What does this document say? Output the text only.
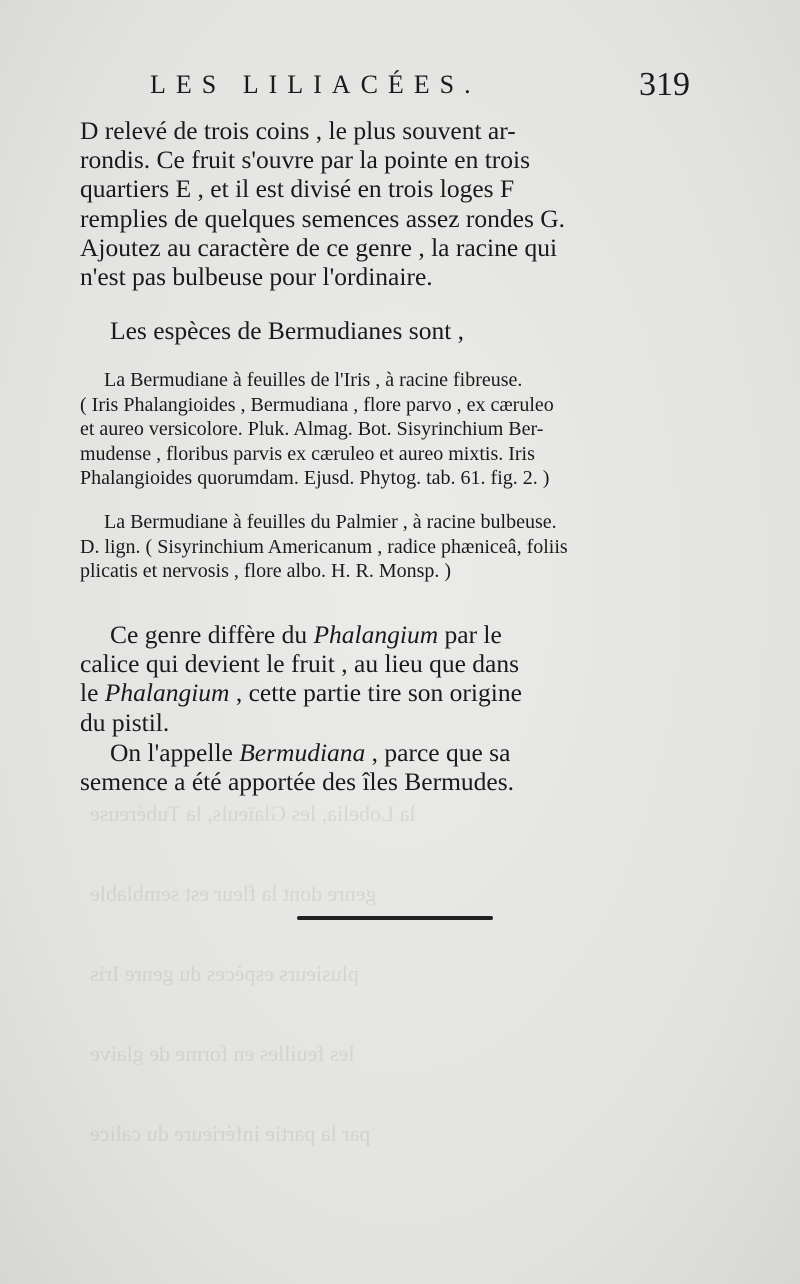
la Lobelia, les Glaïeuls, la Tubéreuse
genre dont la fleur est semblable
plusieurs espèces du genre Iris
les feuilles en forme de glaive
par la partie inférieure du calice
LES LILIACÉES.	319
D relevé de trois coins , le plus souvent ar-
rondis. Ce fruit s'ouvre par la pointe en trois
quartiers E , et il est divisé en trois loges F
remplies de quelques semences assez rondes G.
Ajoutez au caractère de ce genre , la racine qui
n'est pas bulbeuse pour l'ordinaire.
Les espèces de Bermudianes sont ,
La Bermudiane à feuilles de l'Iris , à racine fibreuse.
( Iris Phalangioides , Bermudiana , flore parvo , ex cæruleo
et aureo versicolore. Pluk. Almag. Bot. Sisyrinchium Ber-
mudense , floribus parvis ex cæruleo et aureo mixtis. Iris
Phalangioides quorumdam. Ejusd. Phytog. tab. 61. fig. 2. )
La Bermudiane à feuilles du Palmier , à racine bulbeuse.
D. lign. ( Sisyrinchium Americanum , radice phæniceâ, foliis
plicatis et nervosis , flore albo. H. R. Monsp. )
Ce genre diffère du Phalangium par le
calice qui devient le fruit , au lieu que dans
le Phalangium , cette partie tire son origine
du pistil.
On l'appelle Bermudiana , parce que sa
semence a été apportée des îles Bermudes.
